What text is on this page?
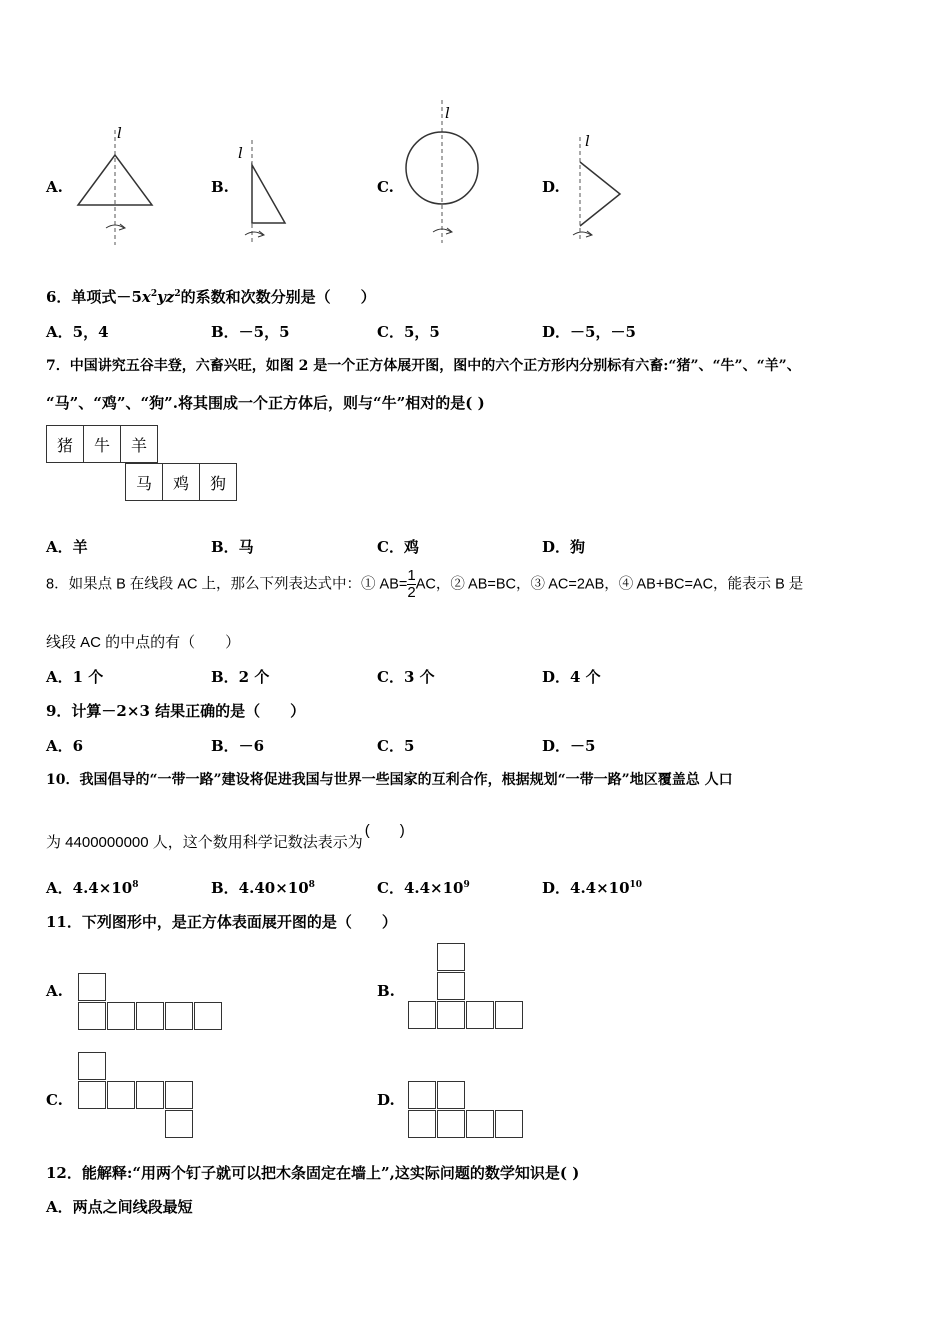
A.
l
B.
l
C.
l
D.
l
6．单项式$-5x^2yz^2$的系数和次数分别是（　　）
A．5，4	B．－5，5	C．5，5	D．－5，－5
7．中国讲究五谷丰登，六畜兴旺，如图 2 是一个正方体展开图，图中的六个正方形内分别标有六畜:“猪”、“牛”、“羊”、
“马”、“鸡”、“狗”.将其围成一个正方体后，则与“牛”相对的是( )
猪	牛	羊
马	鸡	狗
A．羊	B．马	C．鸡	D．狗
8．如果点 B 在线段 AC 上，那么下列表达式中：① $AB= \frac{1}{2}$ AC，② AB=BC，③ AC=2AB，④ AB+BC=AC，能表示 B 是
线段 AC 的中点的有（　　）
A．1 个	B．2 个	C．3 个	D．4 个
9．计算－2×3 结果正确的是（　　）
A．6	B．－6	C．5	D．－5
10．我国倡导的“一带一路”建设将促进我国与世界一些国家的互利合作，根据规划“一带一路”地区覆盖总 人口
为 4400000000 人，这个数用科学记数法表示为(　　)
A．$4.4\times 10^8$	B．$4.40\times 10^8$	C．$4.4\times 10^9$	D．$4.4\times 10^{10}$
11．下列图形中，是正方体表面展开图的是（　　）
A.	B.
C.	D.
12．能解释:“用两个钉子就可以把木条固定在墙上”,这实际问题的数学知识是( )
A．两点之间线段最短
